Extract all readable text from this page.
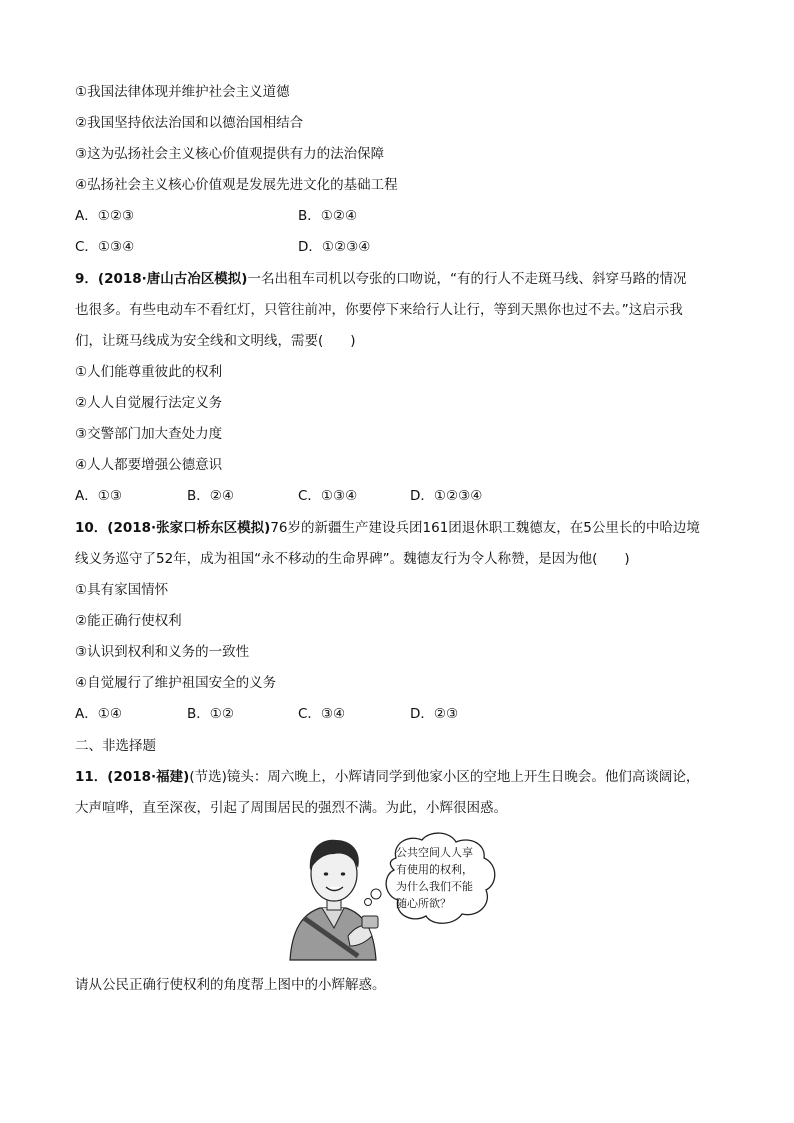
①我国法律体现并维护社会主义道德
②我国坚持依法治国和以德治国相结合
③这为弘扬社会主义核心价值观提供有力的法治保障
④弘扬社会主义核心价值观是发展先进文化的基础工程
A．①②③	B．①②④
C．①③④	D．①②③④
9．(2018·唐山古冶区模拟)一名出租车司机以夸张的口吻说，“有的行人不走斑马线、斜穿马路的情况
也很多。有些电动车不看红灯，只管往前冲，你要停下来给行人让行，等到天黑你也过不去。”这启示我
们，让斑马线成为安全线和文明线，需要(　　)
①人们能尊重彼此的权利
②人人自觉履行法定义务
③交警部门加大查处力度
④人人都要增强公德意识
A．①③	B．②④	C．①③④	D．①②③④
10．(2018·张家口桥东区模拟)76岁的新疆生产建设兵团161团退休职工魏德友，在5公里长的中哈边境
线义务巡守了52年，成为祖国“永不移动的生命界碑”。魏德友行为令人称赞，是因为他(　　)
①具有家国情怀
②能正确行使权利
③认识到权利和义务的一致性
④自觉履行了维护祖国安全的义务
A．①④	B．①②	C．③④	D．②③
二、非选择题
11．(2018·福建)(节选)镜头：周六晚上，小辉请同学到他家小区的空地上开生日晚会。他们高谈阔论，
大声喧哗，直至深夜，引起了周围居民的强烈不满。为此，小辉很困惑。
公共空间人人享
有使用的权利，
为什么我们不能
随心所欲？
请从公民正确行使权利的角度帮上图中的小辉解惑。
